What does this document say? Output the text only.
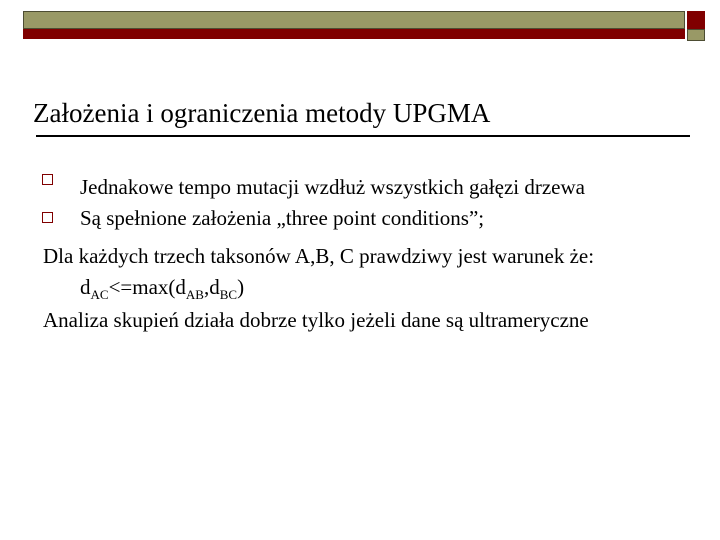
Założenia i ograniczenia metody UPGMA
Jednakowe tempo mutacji wzdłuż wszystkich gałęzi drzewa
Są spełnione założenia „three point conditions”;
Dla każdych trzech taksonów A,B, C prawdziwy jest warunek że:
$d_{AC}<=\max(d_{AB},d_{BC})$
Analiza skupień działa dobrze tylko jeżeli dane są ultrameryczne
